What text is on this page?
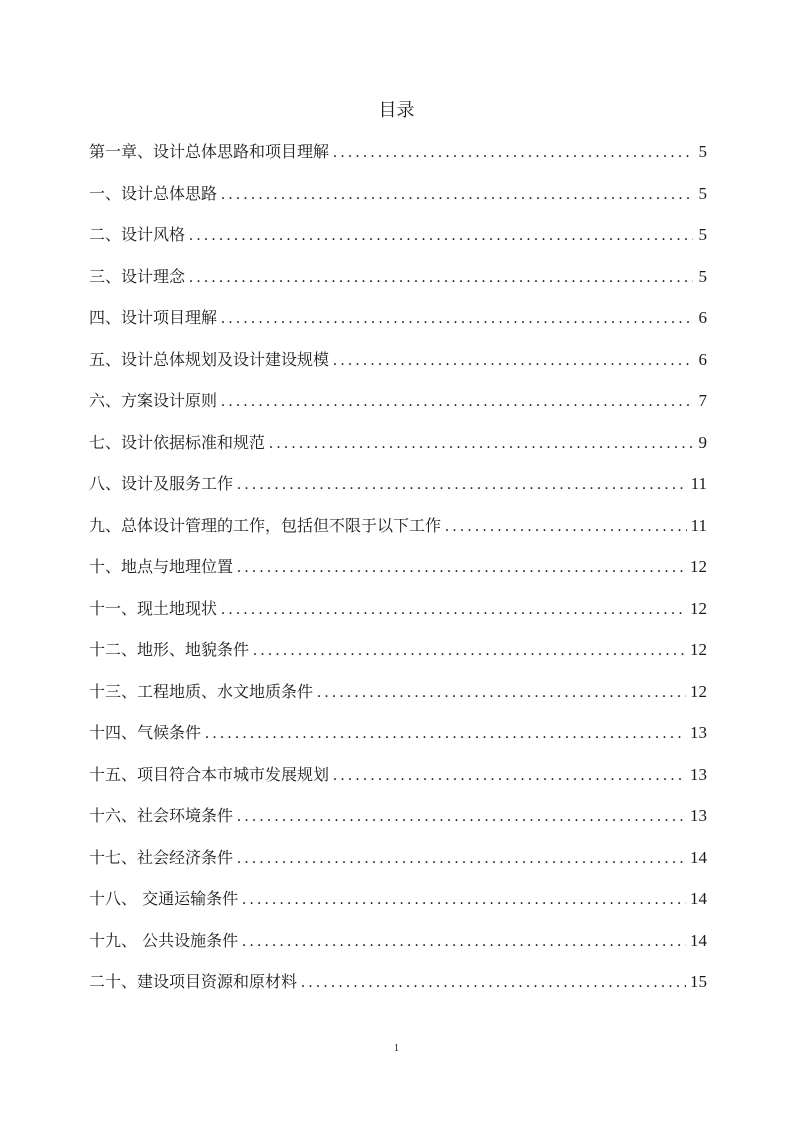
目录
第一章、设计总体思路和项目理解 .....	5
一、设计总体思路 .....	5
二、设计风格 .....	5
三、设计理念 .....	5
四、设计项目理解 .....	6
五、设计总体规划及设计建设规模 .....	6
六、方案设计原则 .....	7
七、设计依据标准和规范 .....	9
八、设计及服务工作 .....	11
九、总体设计管理的工作，包括但不限于以下工作 .....	11
十、地点与地理位置 .....	12
十一、现土地现状 .....	12
十二、地形、地貌条件 .....	12
十三、工程地质、水文地质条件 .....	12
十四、气候条件 .....	13
十五、项目符合本市城市发展规划 .....	13
十六、社会环境条件 .....	13
十七、社会经济条件 .....	14
十八、 交通运输条件 .....	14
十九、 公共设施条件 .....	14
二十、建设项目资源和原材料 .....	15
1
